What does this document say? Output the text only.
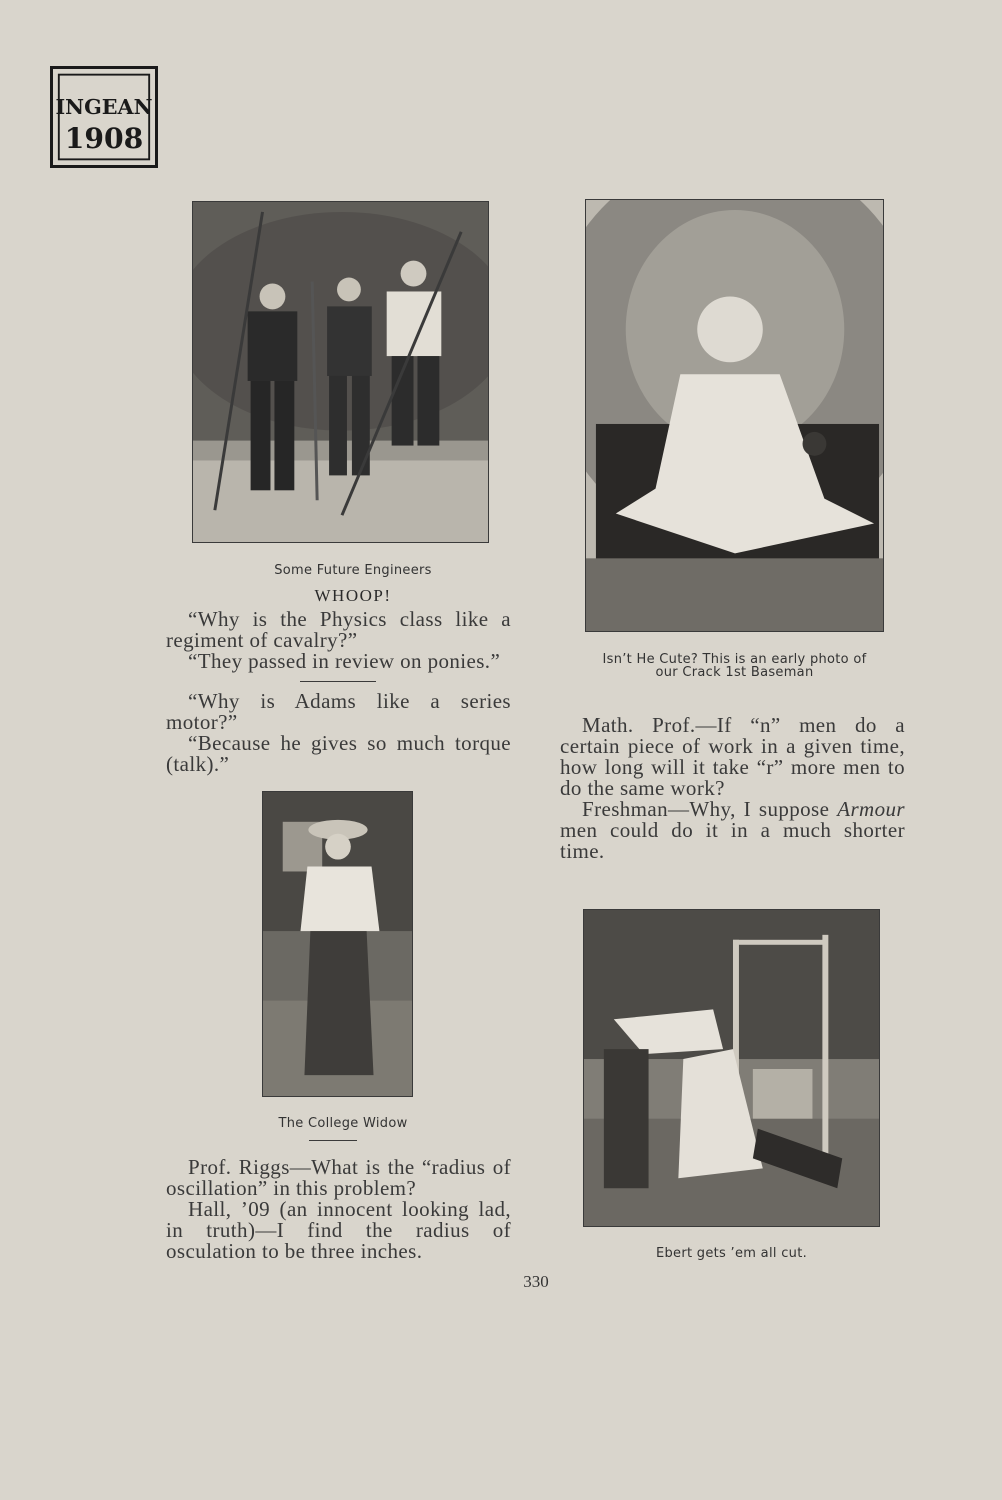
INGEAN
1908
Some Future Engineers
WHOOP!

“Why is the Physics class like a regiment of cavalry?”

“They passed in review on ponies.”

“Why is Adams like a series motor?”

“Because he gives so much torque (talk).”

The College Widow

Prof. Riggs—What is the “radius of oscillation” in this problem?

Hall, ’09 (an innocent looking lad, in truth)—I find the radius of osculation to be three inches.

Isn’t He Cute? This is an early photo of
our Crack 1st Baseman

Math. Prof.—If “n” men do a certain piece of work in a given time, how long will it take “r” more men to do the same work?

Freshman—Why, I suppose Armour men could do it in a much shorter time.

Ebert gets ’em all cut.
330
